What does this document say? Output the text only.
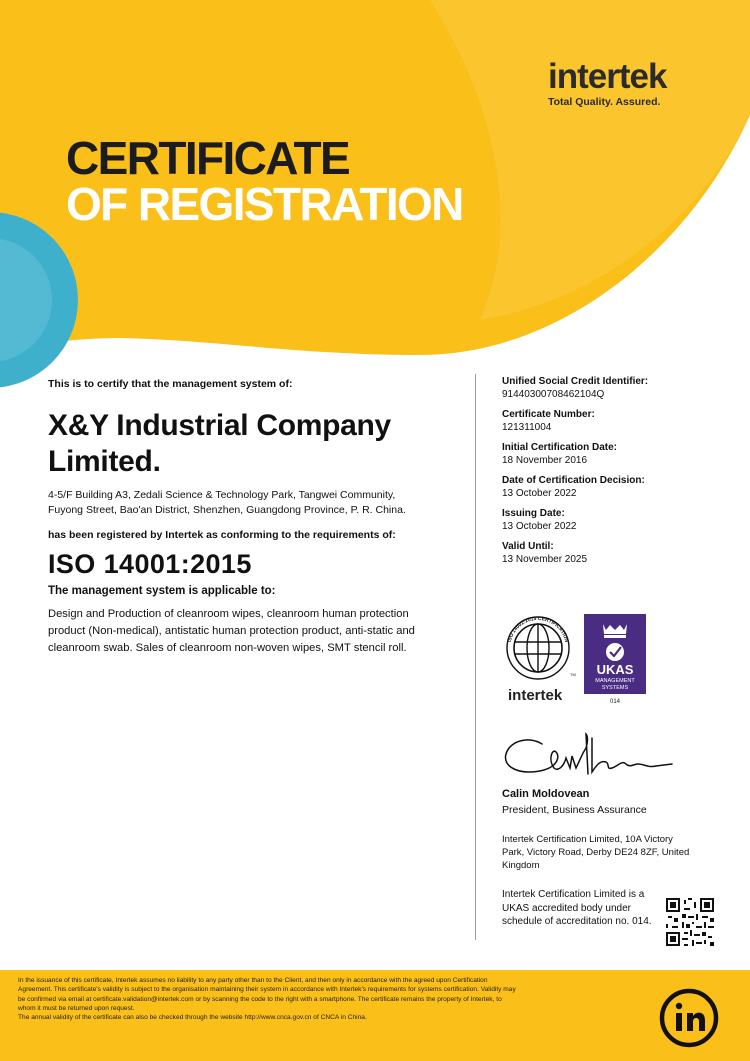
intertek
Total Quality. Assured.
CERTIFICATE
OF REGISTRATION
This is to certify that the management system of:
X&Y Industrial Company
Limited.
4-5/F Building A3, Zedali Science & Technology Park, Tangwei Community,
Fuyong Street, Bao'an District, Shenzhen, Guangdong Province, P. R. China.
has been registered by Intertek as conforming to the requirements of:
ISO 14001:2015
The management system is applicable to:
Design and Production of cleanroom wipes, cleanroom human protection
product (Non-medical), antistatic human protection product, anti-static and
cleanroom swab. Sales of cleanroom non-woven wipes, SMT stencil roll.
Unified Social Credit Identifier:
91440300708462104Q
Certificate Number:
121311004
Initial Certification Date:
18 November 2016
Date of Certification Decision:
13 October 2022
Issuing Date:
13 October 2022
Valid Until:
13 November 2025
ISO 14001:2015 CERTIFICATION
intertek
TM UKAS
MANAGEMENT
SYSTEMS
014
Calin Moldovean
President, Business Assurance
Intertek Certification Limited, 10A Victory
Park, Victory Road, Derby DE24 8ZF, United
Kingdom
Intertek Certification Limited is a
UKAS accredited body under
schedule of accreditation no. 014.
In the issuance of this certificate, Intertek assumes no liability to any party other than to the Client, and then only in accordance with the agreed upon Certification
Agreement. This certificate's validity is subject to the organisation maintaining their system in accordance with Intertek's requirements for systems certification. Validity may
be confirmed via email at certificate.validation@intertek.com or by scanning the code to the right with a smartphone. The certificate remains the property of Intertek, to
whom it must be returned upon request.
The annual validity of the certificate can also be checked through the website http://www.cnca.gov.cn of CNCA in China.
